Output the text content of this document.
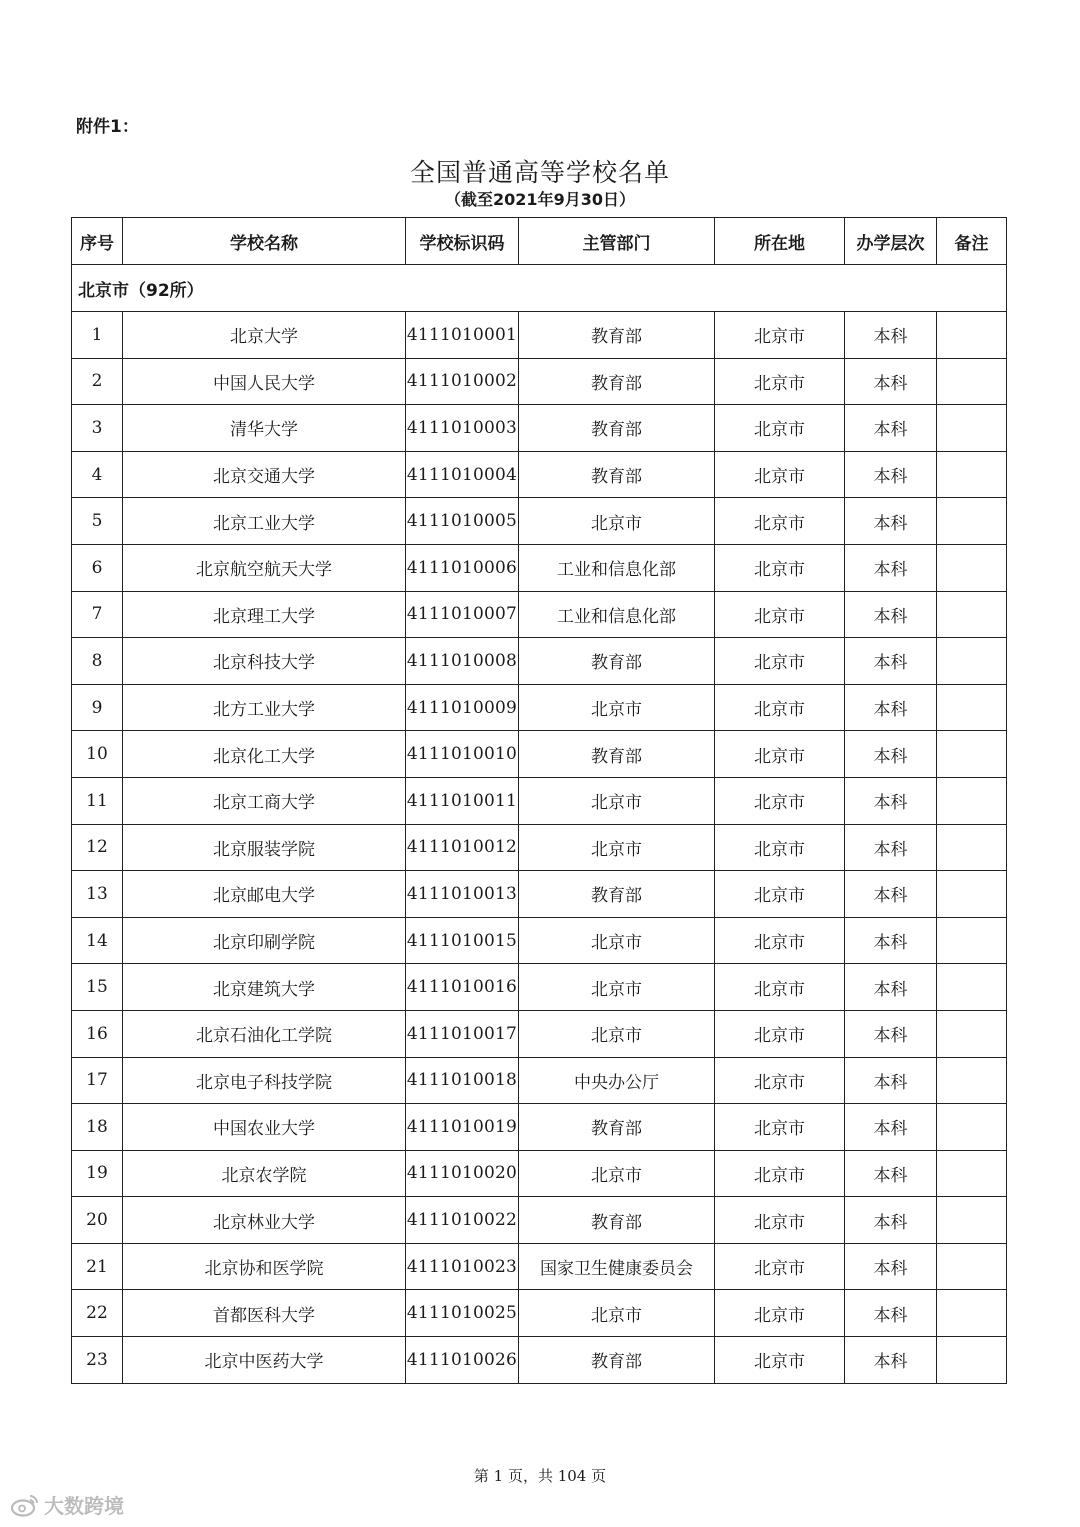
附件1：
全国普通高等学校名单
（截至2021年9月30日）
序号	学校名称	学校标识码	主管部门	所在地	办学层次	备注
北京市（92所）						
1	北京大学	4111010001	教育部	北京市	本科	
2	中国人民大学	4111010002	教育部	北京市	本科	
3	清华大学	4111010003	教育部	北京市	本科	
4	北京交通大学	4111010004	教育部	北京市	本科	
5	北京工业大学	4111010005	北京市	北京市	本科	
6	北京航空航天大学	4111010006	工业和信息化部	北京市	本科	
7	北京理工大学	4111010007	工业和信息化部	北京市	本科	
8	北京科技大学	4111010008	教育部	北京市	本科	
9	北方工业大学	4111010009	北京市	北京市	本科	
10	北京化工大学	4111010010	教育部	北京市	本科	
11	北京工商大学	4111010011	北京市	北京市	本科	
12	北京服装学院	4111010012	北京市	北京市	本科	
13	北京邮电大学	4111010013	教育部	北京市	本科	
14	北京印刷学院	4111010015	北京市	北京市	本科	
15	北京建筑大学	4111010016	北京市	北京市	本科	
16	北京石油化工学院	4111010017	北京市	北京市	本科	
17	北京电子科技学院	4111010018	中央办公厅	北京市	本科	
18	中国农业大学	4111010019	教育部	北京市	本科	
19	北京农学院	4111010020	北京市	北京市	本科	
20	北京林业大学	4111010022	教育部	北京市	本科	
21	北京协和医学院	4111010023	国家卫生健康委员会	北京市	本科	
22	首都医科大学	4111010025	北京市	北京市	本科	
23	北京中医药大学	4111010026	教育部	北京市	本科	
第 1 页，共 104 页
大数跨境
